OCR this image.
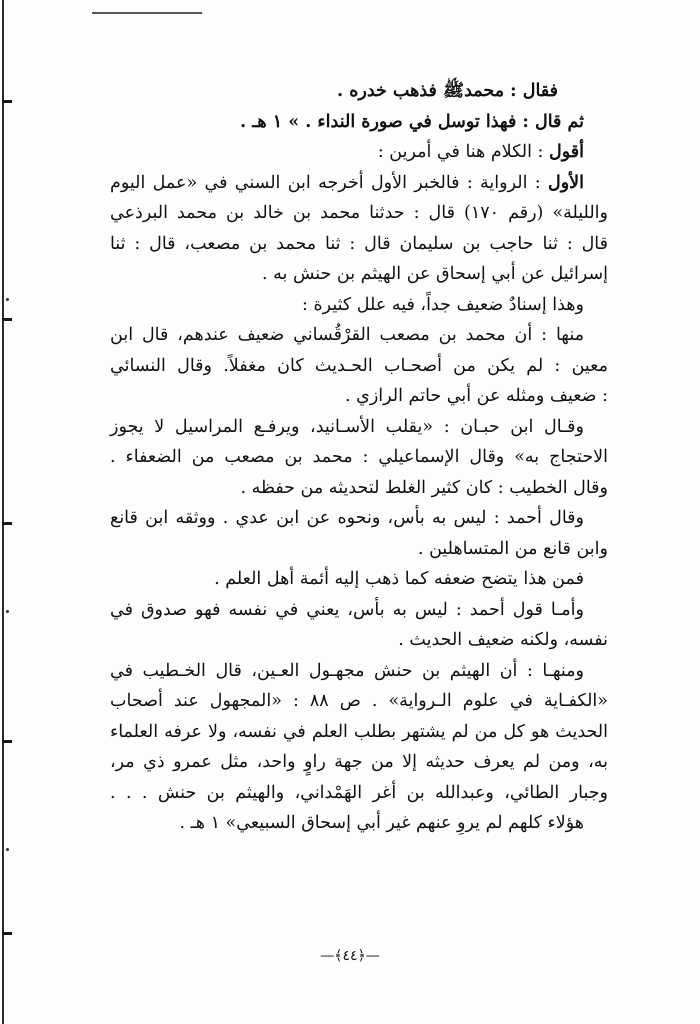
فقال : محمدﷺ فذهب خدره .
ثم قال : فهذا توسل في صورة النداء . » ١ هـ .
أقول : الكلام هنا في أمرين :
الأول : الرواية : فالخبر الأول أخرجه ابن السني في «عمل اليوم
والليلة» (رقم ١٧٠) قال : حدثنا محمد بن خالد بن محمد البرذعي
قال : ثنا حاجب بن سليمان قال : ثنا محمد بن مصعب، قال : ثنا
إسرائيل عن أبي إسحاق عن الهيثم بن حنش به .
وهذا إسنادٌ ضعيف جداً، فيه علل كثيرة :
منها : أن محمد بن مصعب القرْقُساني ضعيف عندهم، قال ابن
معين : لم يكن من أصحـاب الحـديث كان مغفلاً. وقال النسائي
: ضعيف ومثله عن أبي حاتم الرازي .
وقـال ابن حبـان : «يقلب الأسـانيد، ويرفـع المراسيل لا يجوز
الاحتجاج به» وقال الإسماعيلي : محمد بن مصعب من الضعفاء .
وقال الخطيب : كان كثير الغلط لتحديثه من حفظه .
وقال أحمد : ليس به بأس، ونحوه عن ابن عدي . ووثقه ابن قانع
وابن قانع من المتساهلين .
فمن هذا يتضح ضعفه كما ذهب إليه أئمة أهل العلم .
وأمـا قول أحمد : ليس به بأس، يعني في نفسه فهو صدوق في
نفسه، ولكنه ضعيف الحديث .
ومنهـا : أن الهيثم بن حنش مجهـول العـين، قال الخـطيب في
«الكفـاية في علوم الـرواية» . ص ٨٨ : «المجهول عند أصحاب
الحديث هو كل من لم يشتهر بطلب العلم في نفسه، ولا عرفه العلماء
به، ومن لم يعرف حديثه إلا من جهة راوٍ واحد، مثل عمرو ذي مر،
وجبار الطائي، وعبدالله بن أغر الهَمْداني، والهيثم بن حنش . . .
هؤلاء كلهم لم يروِ عنهم غير أبي إسحاق السبيعي» ١ هـ .
—﴿٤٤﴾—
